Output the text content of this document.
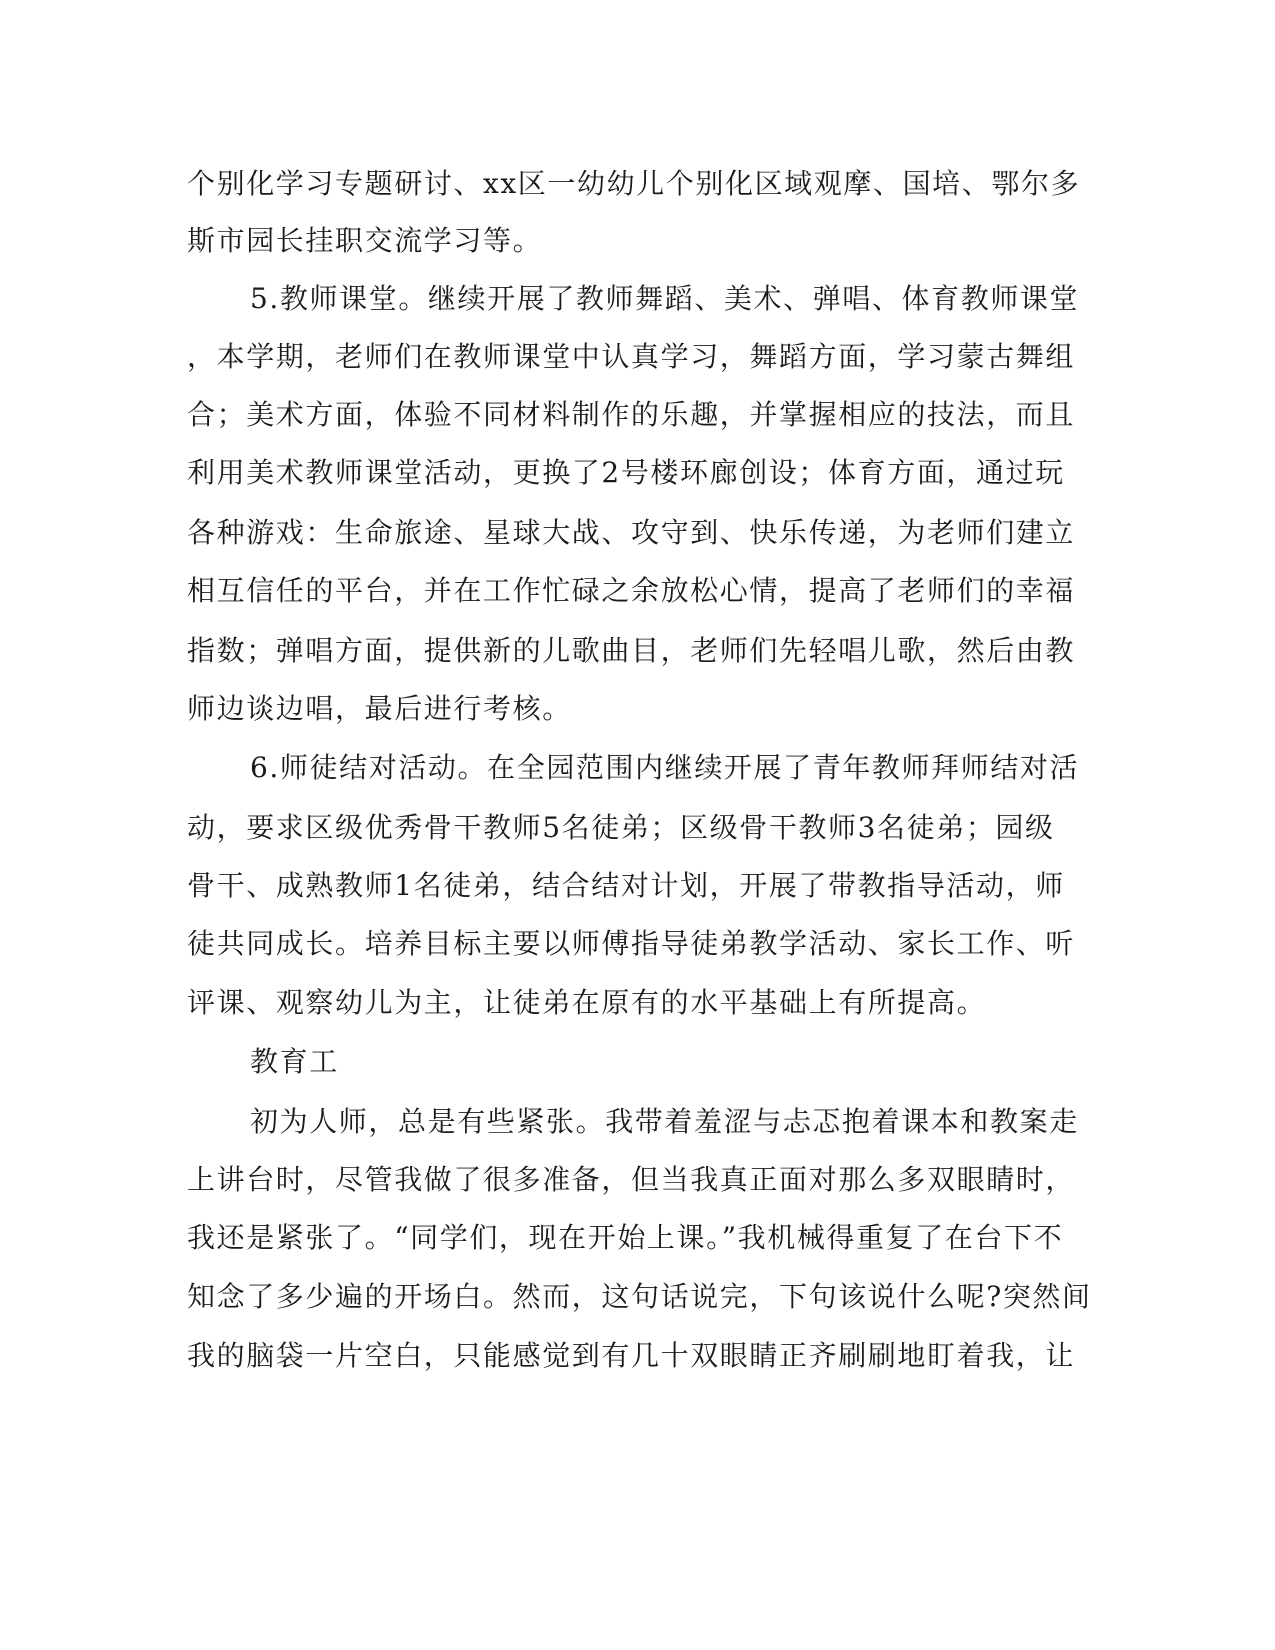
个别化学习专题研讨、xx区一幼幼儿个别化区域观摩、国培、鄂尔多
斯市园长挂职交流学习等。
5.教师课堂。继续开展了教师舞蹈、美术、弹唱、体育教师课堂
，本学期，老师们在教师课堂中认真学习，舞蹈方面，学习蒙古舞组
合；美术方面，体验不同材料制作的乐趣，并掌握相应的技法，而且
利用美术教师课堂活动，更换了2号楼环廊创设；体育方面，通过玩
各种游戏：生命旅途、星球大战、攻守到、快乐传递，为老师们建立
相互信任的平台，并在工作忙碌之余放松心情，提高了老师们的幸福
指数；弹唱方面，提供新的儿歌曲目，老师们先轻唱儿歌，然后由教
师边谈边唱，最后进行考核。
6.师徒结对活动。在全园范围内继续开展了青年教师拜师结对活
动，要求区级优秀骨干教师5名徒弟；区级骨干教师3名徒弟；园级
骨干、成熟教师1名徒弟，结合结对计划，开展了带教指导活动，师
徒共同成长。培养目标主要以师傅指导徒弟教学活动、家长工作、听
评课、观察幼儿为主，让徒弟在原有的水平基础上有所提高。
教育工
初为人师，总是有些紧张。我带着羞涩与忐忑抱着课本和教案走
上讲台时，尽管我做了很多准备，但当我真正面对那么多双眼睛时，
我还是紧张了。“同学们，现在开始上课。”我机械得重复了在台下不
知念了多少遍的开场白。然而，这句话说完，下句该说什么呢?突然间
我的脑袋一片空白，只能感觉到有几十双眼睛正齐刷刷地盯着我，让
